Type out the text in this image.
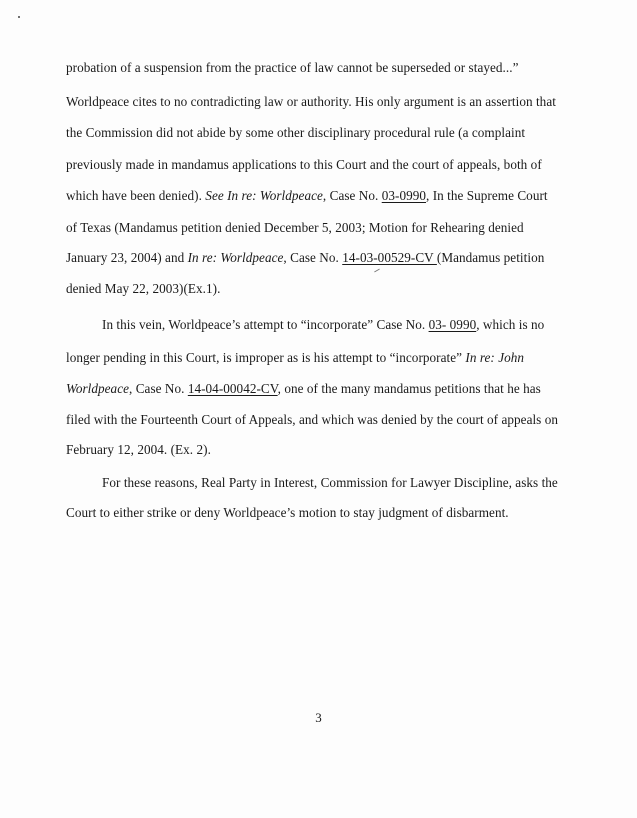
probation of a suspension from the practice of law cannot be superseded or stayed...”
Worldpeace cites to no contradicting law or authority. His only argument is an assertion that
the Commission did not abide by some other disciplinary procedural rule (a complaint
previously made in mandamus applications to this Court and the court of appeals, both of
which have been denied). See In re: Worldpeace, Case No. 03-0990, In the Supreme Court
of Texas (Mandamus petition denied December 5, 2003; Motion for Rehearing denied
January 23, 2004) and In re: Worldpeace, Case No. 14-03-00529-CV (Mandamus petition
denied May 22, 2003)(Ex.1).
In this vein, Worldpeace’s attempt to “incorporate” Case No. 03- 0990, which is no
longer pending in this Court, is improper as is his attempt to “incorporate” In re: John
Worldpeace, Case No. 14-04-00042-CV, one of the many mandamus petitions that he has
filed with the Fourteenth Court of Appeals, and which was denied by the court of appeals on
February 12, 2004. (Ex. 2).
For these reasons, Real Party in Interest, Commission for Lawyer Discipline, asks the
Court to either strike or deny Worldpeace’s motion to stay judgment of disbarment.
3
